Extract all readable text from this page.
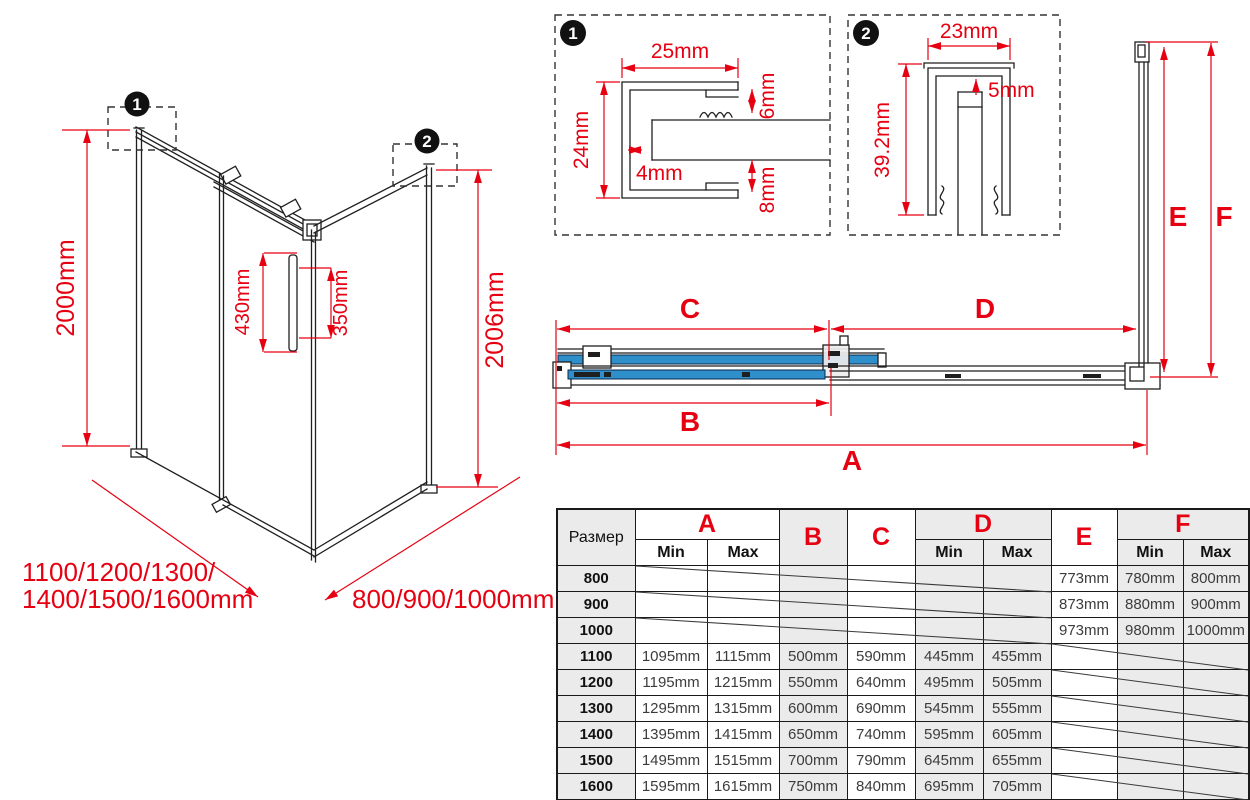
1
2
2000mm	2006mm
430mm	350mm
1100/1200/1300/
1400/1500/1600mm	800/900/1000mm
1
25mm
24mm
4mm
6mm
8mm
2	23mm
39.2mm
5mm
C	D
B
A
E F
Размер	A		B	C	D		E	F	
	Min	Max			Min	Max		Min	Max
800							773mm	780mm	800mm
900							873mm	880mm	900mm
1000							973mm	980mm	1000mm
1100	1095mm	1115mm	500mm	590mm	445mm	455mm			
1200	1195mm	1215mm	550mm	640mm	495mm	505mm			
1300	1295mm	1315mm	600mm	690mm	545mm	555mm			
1400	1395mm	1415mm	650mm	740mm	595mm	605mm			
1500	1495mm	1515mm	700mm	790mm	645mm	655mm			
1600	1595mm	1615mm	750mm	840mm	695mm	705mm			
